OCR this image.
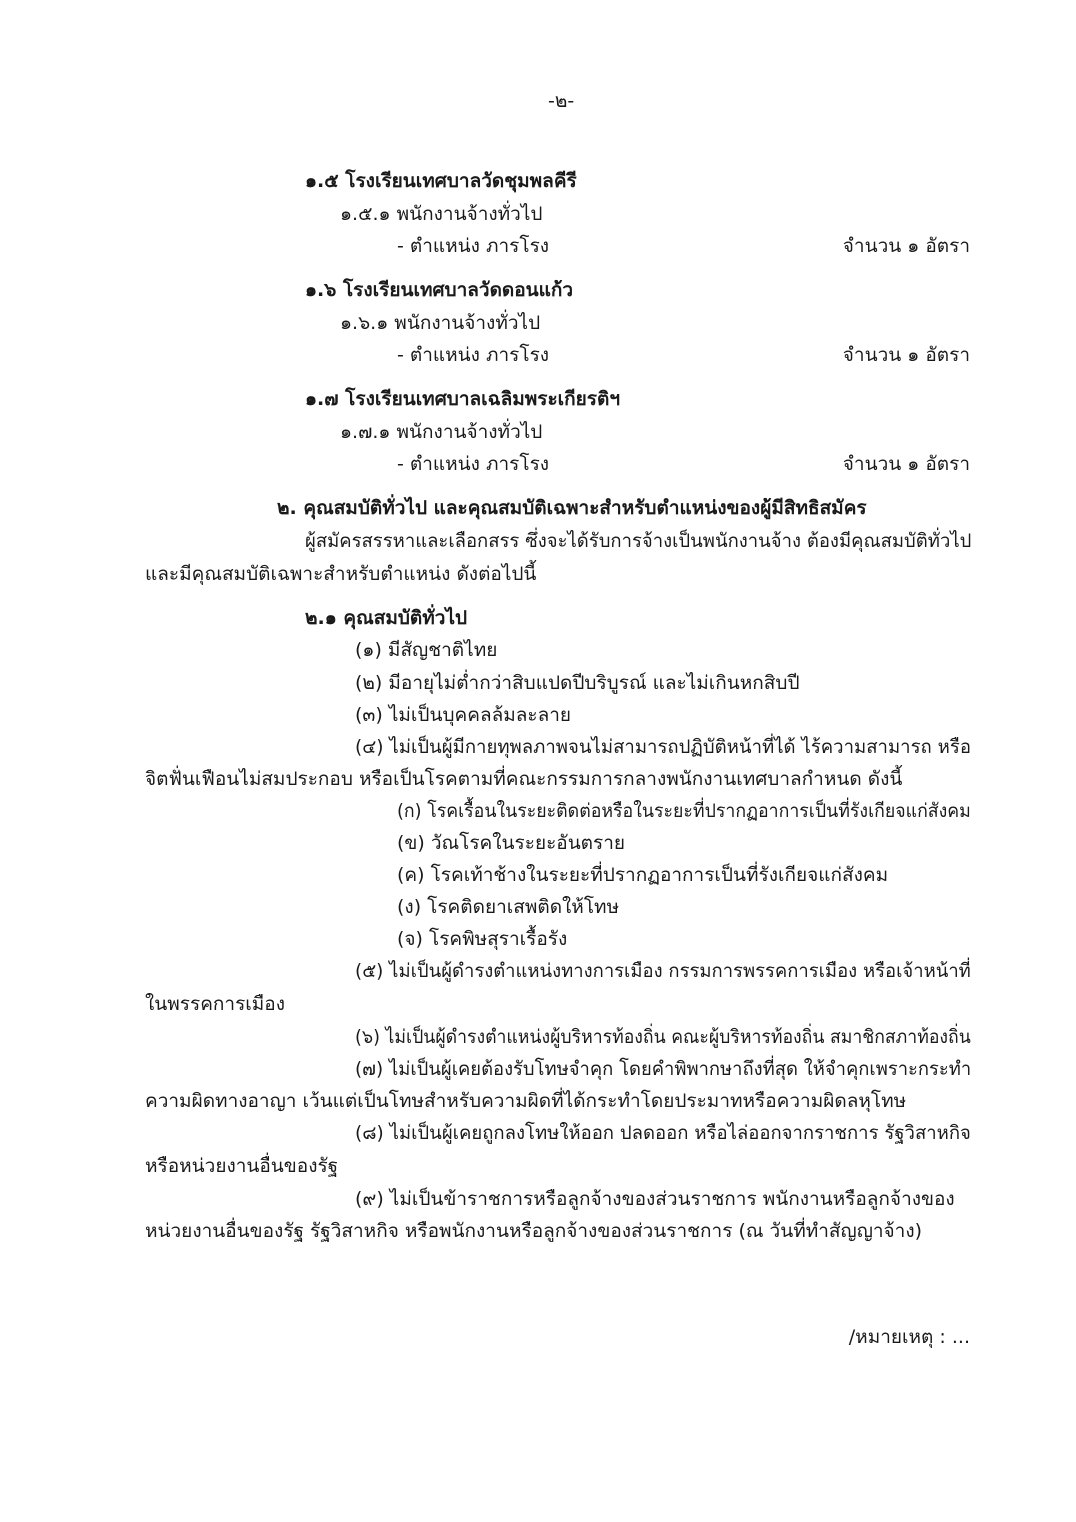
-๒-
๑.๕ โรงเรียนเทศบาลวัดชุมพลคีรี
๑.๕.๑ พนักงานจ้างทั่วไป
- ตำแหน่ง ภารโรง	จำนวน ๑ อัตรา
๑.๖ โรงเรียนเทศบาลวัดดอนแก้ว
๑.๖.๑ พนักงานจ้างทั่วไป
- ตำแหน่ง ภารโรง	จำนวน ๑ อัตรา
๑.๗ โรงเรียนเทศบาลเฉลิมพระเกียรติฯ
๑.๗.๑ พนักงานจ้างทั่วไป
- ตำแหน่ง ภารโรง	จำนวน ๑ อัตรา
๒. คุณสมบัติทั่วไป และคุณสมบัติเฉพาะสำหรับตำแหน่งของผู้มีสิทธิสมัคร
ผู้สมัครสรรหาและเลือกสรร ซึ่งจะได้รับการจ้างเป็นพนักงานจ้าง ต้องมีคุณสมบัติทั่วไป
และมีคุณสมบัติเฉพาะสำหรับตำแหน่ง ดังต่อไปนี้
๒.๑ คุณสมบัติทั่วไป
(๑) มีสัญชาติไทย
(๒) มีอายุไม่ต่ำกว่าสิบแปดปีบริบูรณ์ และไม่เกินหกสิบปี
(๓) ไม่เป็นบุคคลล้มละลาย
(๔) ไม่เป็นผู้มีกายทุพลภาพจนไม่สามารถปฏิบัติหน้าที่ได้ ไร้ความสามารถ หรือ
จิตฟั่นเฟือนไม่สมประกอบ หรือเป็นโรคตามที่คณะกรรมการกลางพนักงานเทศบาลกำหนด ดังนี้
(ก) โรคเรื้อนในระยะติดต่อหรือในระยะที่ปรากฏอาการเป็นที่รังเกียจแก่สังคม
(ข) วัณโรคในระยะอันตราย
(ค) โรคเท้าช้างในระยะที่ปรากฏอาการเป็นที่รังเกียจแก่สังคม
(ง) โรคติดยาเสพติดให้โทษ
(จ) โรคพิษสุราเรื้อรัง
(๕) ไม่เป็นผู้ดำรงตำแหน่งทางการเมือง กรรมการพรรคการเมือง หรือเจ้าหน้าที่
ในพรรคการเมือง
(๖) ไม่เป็นผู้ดำรงตำแหน่งผู้บริหารท้องถิ่น คณะผู้บริหารท้องถิ่น สมาชิกสภาท้องถิ่น
(๗) ไม่เป็นผู้เคยต้องรับโทษจำคุก โดยคำพิพากษาถึงที่สุด ให้จำคุกเพราะกระทำ
ความผิดทางอาญา เว้นแต่เป็นโทษสำหรับความผิดที่ได้กระทำโดยประมาทหรือความผิดลหุโทษ
(๘) ไม่เป็นผู้เคยถูกลงโทษให้ออก ปลดออก หรือไล่ออกจากราชการ รัฐวิสาหกิจ
หรือหน่วยงานอื่นของรัฐ
(๙) ไม่เป็นข้าราชการหรือลูกจ้างของส่วนราชการ พนักงานหรือลูกจ้างของ
หน่วยงานอื่นของรัฐ รัฐวิสาหกิจ หรือพนักงานหรือลูกจ้างของส่วนราชการ (ณ วันที่ทำสัญญาจ้าง)
/หมายเหตุ : ...
